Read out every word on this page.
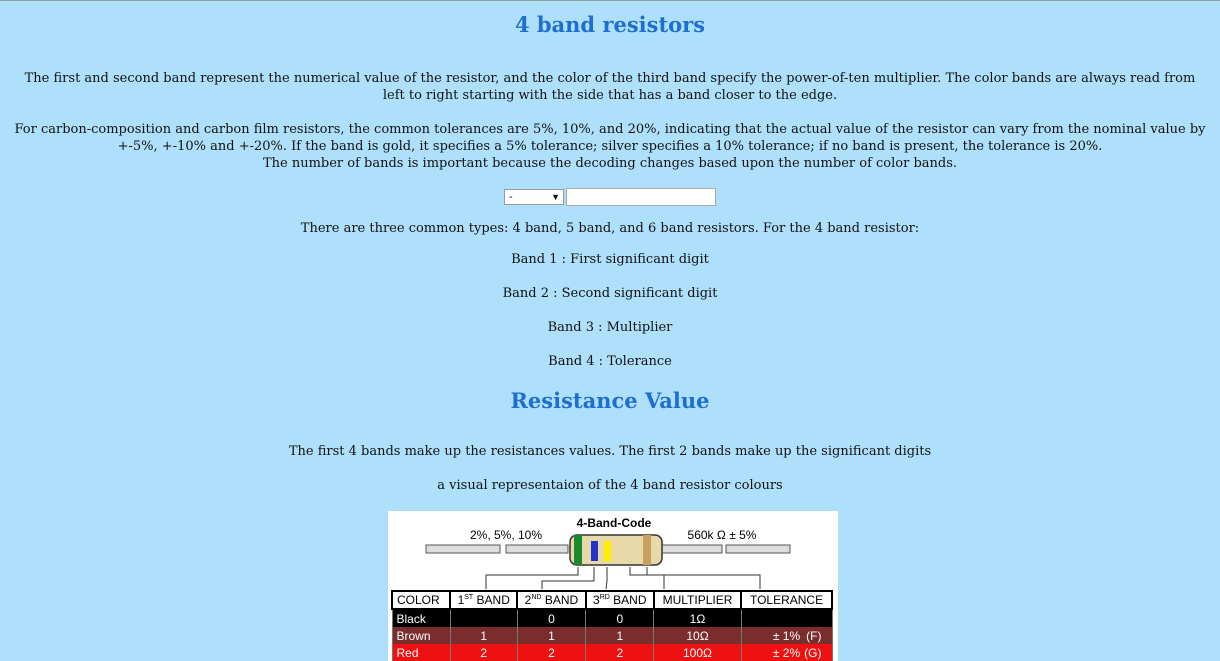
4 band resistors

The first and second band represent the numerical value of the resistor, and the color of the third band specify the power-of-ten multiplier. The color bands are always read from left to right starting with the side that has a band closer to the edge.

For carbon-composition and carbon film resistors, the common tolerances are 5%, 10%, and 20%, indicating that the actual value of the resistor can vary from the nominal value by +-5%, +-10% and +-20%. If the band is gold, it specifies a 5% tolerance; silver specifies a 10% tolerance; if no band is present, the tolerance is 20%.

The number of bands is important because the decoding changes based upon the number of color bands.

-	▼

There are three common types: 4 band, 5 band, and 6 band resistors. For the 4 band resistor:

Band 1 : First significant digit

Band 2 : Second significant digit

Band 3 : Multiplier

Band 4 : Tolerance

Resistance Value

The first 4 bands make up the resistances values. The first 2 bands make up the significant digits

a visual representaion of the 4 band resistor colours

4-Band-Code
2%, 5%, 10%	560k Ω ± 5%
COLOR	1ST BAND	2ND BAND	3RD BAND	MULTIPLIER	TOLERANCE
Black		0	0	1Ω	

Brown	1	1	1	10Ω	± 1% (F)

Red	2	2	2	100Ω	± 2% (G)
